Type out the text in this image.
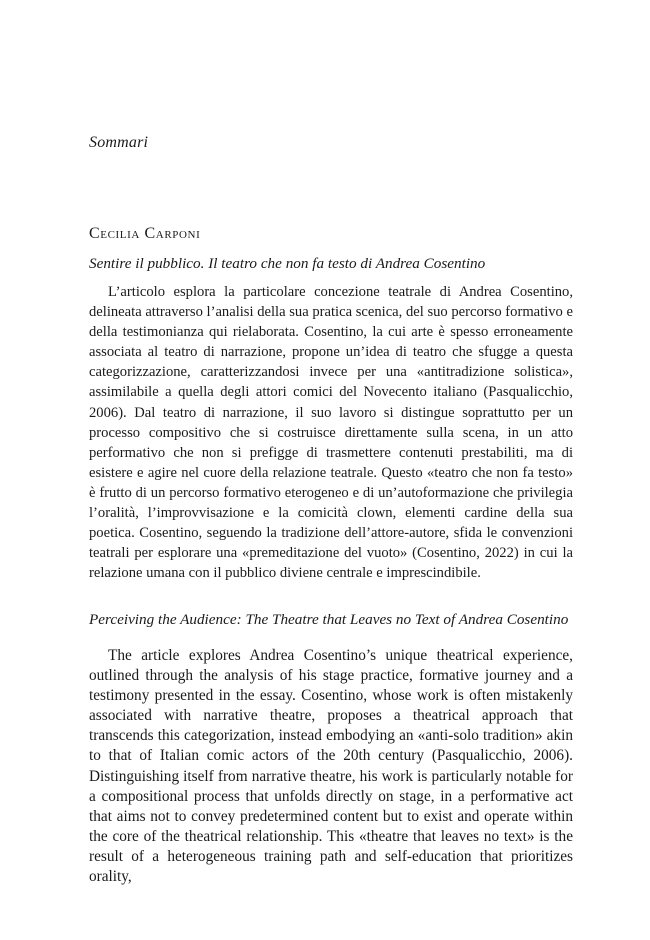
Sommari
Cecilia Carponi
Sentire il pubblico. Il teatro che non fa testo di Andrea Cosentino

L’articolo esplora la particolare concezione teatrale di Andrea Cosentino, delineata attraverso l’analisi della sua pratica scenica, del suo percorso formativo e della testimonianza qui rielaborata. Cosentino, la cui arte è spesso erroneamente associata al teatro di narrazione, propone un’idea di teatro che sfugge a questa categorizzazione, caratterizzandosi invece per una «antitradizione solistica», assimilabile a quella degli attori comici del Novecento italiano (Pasqualicchio, 2006). Dal teatro di narrazione, il suo lavoro si distingue soprattutto per un processo compositivo che si costruisce direttamente sulla scena, in un atto performativo che non si prefigge di trasmettere contenuti prestabiliti, ma di esistere e agire nel cuore della relazione teatrale. Questo «teatro che non fa testo» è frutto di un percorso formativo eterogeneo e di un’autoformazione che privilegia l’oralità, l’improvvisazione e la comicità clown, elementi cardine della sua poetica. Cosentino, seguendo la tradizione dell’attore-autore, sfida le convenzioni teatrali per esplorare una «premeditazione del vuoto» (Cosentino, 2022) in cui la relazione umana con il pubblico diviene centrale e imprescindibile.

Perceiving the Audience: The Theatre that Leaves no Text of Andrea Cosentino

The article explores Andrea Cosentino’s unique theatrical experience, outlined through the analysis of his stage practice, formative journey and a testimony presented in the essay. Cosentino, whose work is often mistakenly associated with narrative theatre, proposes a theatrical approach that transcends this categorization, instead embodying an «anti-solo tradition» akin to that of Italian comic actors of the 20th century (Pasqualicchio, 2006). Distinguishing itself from narrative theatre, his work is particularly notable for a compositional process that unfolds directly on stage, in a performative act that aims not to convey predetermined content but to exist and operate within the core of the theatrical relationship. This «theatre that leaves no text» is the result of a heterogeneous training path and self-education that prioritizes orality,
